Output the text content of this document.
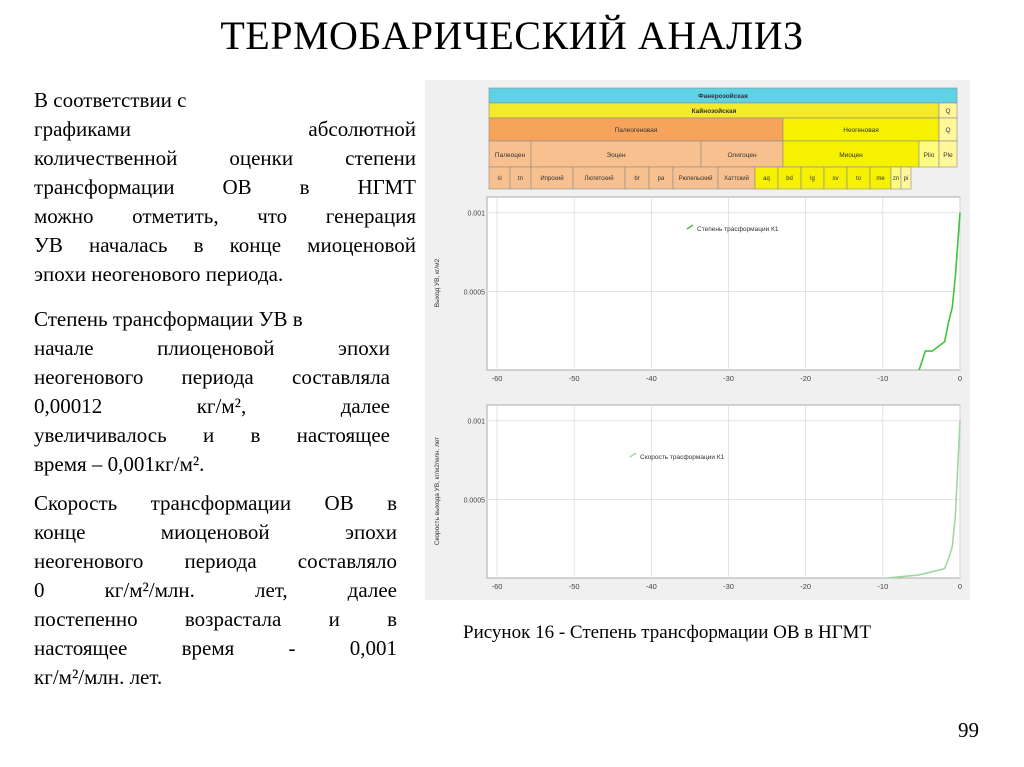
ТЕРМОБАРИЧЕСКИЙ АНАЛИЗ
В соответствии с
графиками абсолютной
количественной оценки степени
трансформации ОВ в НГМТ
можно отметить, что генерация
УВ началась в конце миоценовой
эпохи неогенового периода.
Степень трансформации УВ в
начале плиоценовой эпохи
неогенового периода составляла
0,00012 кг/м², далее
увеличивалось и в настоящее
время – 0,001кг/м².
Скорость трансформации ОВ в
конце миоценовой эпохи
неогенового периода составляло
0 кг/м²/млн. лет, далее
постепенно возрастала и в
настоящее время - 0,001
кг/м²/млн. лет.
Фанерозойская
Кайнозойская	Q
Палеогеновая	Неогеновая	Q
Палеоцен	Эоцен	Олигоцен	Миоцен	Plio Ple
sl	tn	Ипрский	Лютетский	br	pa Рюпельский Хаттский aq	bd	lg	sv	to	me zn pi
0.001
0.0005
-60	-50	-40	-30	-20	-10	0
Степень трасформации К1
Выход УВ, кг/м2
0.001
0.0005
-60	-50	-40	-30	-20	-10	0
Скорость трасформации К1
Скорость выхода УВ, кг/м2/млн. лет
Рисунок 16 - Степень трансформации ОВ в НГМТ
99
